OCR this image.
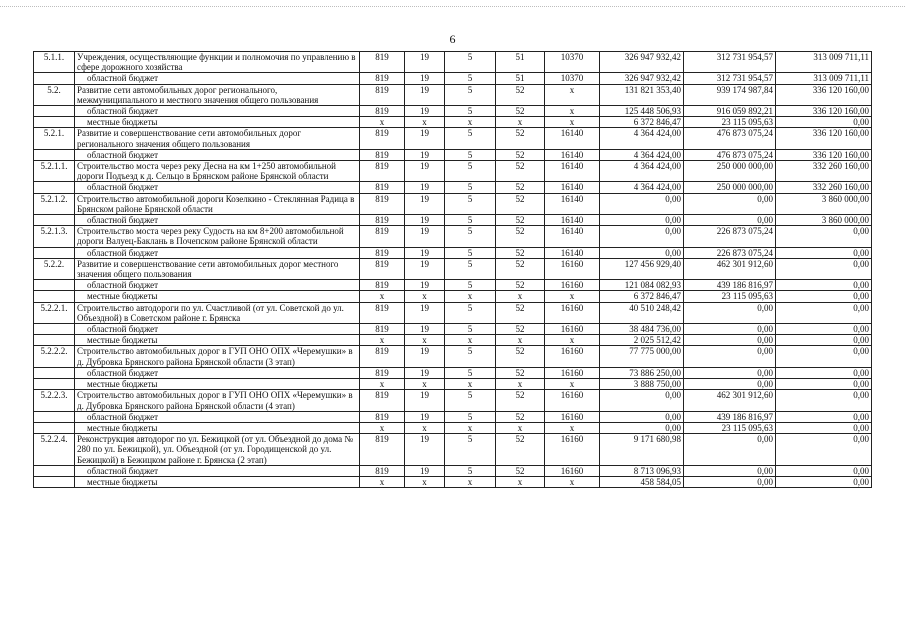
6
5.1.1.	Учреждения, осуществляющие функции и полномочия по управлению в сфере дорожного хозяйства	819	19	5	51	10370	326 947 932,42	312 731 954,57	313 009 711,11
	областной бюджет	819	19	5	51	10370	326 947 932,42	312 731 954,57	313 009 711,11
5.2.	Развитие сети автомобильных дорог регионального, межмуниципального и местного значения общего пользования	819	19	5	52	х	131 821 353,40	939 174 987,84	336 120 160,00
	областной бюджет	819	19	5	52	х	125 448 506,93	916 059 892,21	336 120 160,00
	местные бюджеты	х	х	х	х	х	6 372 846,47	23 115 095,63	0,00
5.2.1.	Развитие и совершенствование сети автомобильных дорог регионального значения общего пользования	819	19	5	52	16140	4 364 424,00	476 873 075,24	336 120 160,00
	областной бюджет	819	19	5	52	16140	4 364 424,00	476 873 075,24	336 120 160,00
5.2.1.1.	Строительство моста через реку Десна на км 1+250 автомобильной дороги Подъезд к д. Сельцо в Брянском районе Брянской области	819	19	5	52	16140	4 364 424,00	250 000 000,00	332 260 160,00
	областной бюджет	819	19	5	52	16140	4 364 424,00	250 000 000,00	332 260 160,00
5.2.1.2.	Строительство автомобильной дороги Козелкино - Стеклянная Радица в Брянском районе Брянской области	819	19	5	52	16140	0,00	0,00	3 860 000,00
	областной бюджет	819	19	5	52	16140	0,00	0,00	3 860 000,00
5.2.1.3.	Строительство моста через реку Судость на км 8+200 автомобильной дороги Валуец-Баклань в Почепском районе Брянской области	819	19	5	52	16140	0,00	226 873 075,24	0,00
	областной бюджет	819	19	5	52	16140	0,00	226 873 075,24	0,00
5.2.2.	Развитие и совершенствование сети автомобильных дорог местного значения общего пользования	819	19	5	52	16160	127 456 929,40	462 301 912,60	0,00
	областной бюджет	819	19	5	52	16160	121 084 082,93	439 186 816,97	0,00
	местные бюджеты	х	х	х	х	х	6 372 846,47	23 115 095,63	0,00
5.2.2.1.	Строительство автодороги по ул. Счастливой (от ул. Советской до ул. Объездной) в Советском районе г. Брянска	819	19	5	52	16160	40 510 248,42	0,00	0,00
	областной бюджет	819	19	5	52	16160	38 484 736,00	0,00	0,00
	местные бюджеты	х	х	х	х	х	2 025 512,42	0,00	0,00
5.2.2.2.	Строительство автомобильных дорог в ГУП ОНО ОПХ «Черемушки» в д. Дубровка Брянского района Брянской области (3 этап)	819	19	5	52	16160	77 775 000,00	0,00	0,00
	областной бюджет	819	19	5	52	16160	73 886 250,00	0,00	0,00
	местные бюджеты	х	х	х	х	х	3 888 750,00	0,00	0,00
5.2.2.3.	Строительство автомобильных дорог в ГУП ОНО ОПХ «Черемушки» в д. Дубровка Брянского района Брянской области (4 этап)	819	19	5	52	16160	0,00	462 301 912,60	0,00
	областной бюджет	819	19	5	52	16160	0,00	439 186 816,97	0,00
	местные бюджеты	х	х	х	х	х	0,00	23 115 095,63	0,00
5.2.2.4.	Реконструкция автодорог по ул. Бежицкой (от ул. Объездной до дома № 280 по ул. Бежицкой), ул. Объездной (от ул. Городищенской до ул. Бежицкой) в Бежицком районе г. Брянска (2 этап)	819	19	5	52	16160	9 171 680,98	0,00	0,00
	областной бюджет	819	19	5	52	16160	8 713 096,93	0,00	0,00
	местные бюджеты	х	х	х	х	х	458 584,05	0,00	0,00
